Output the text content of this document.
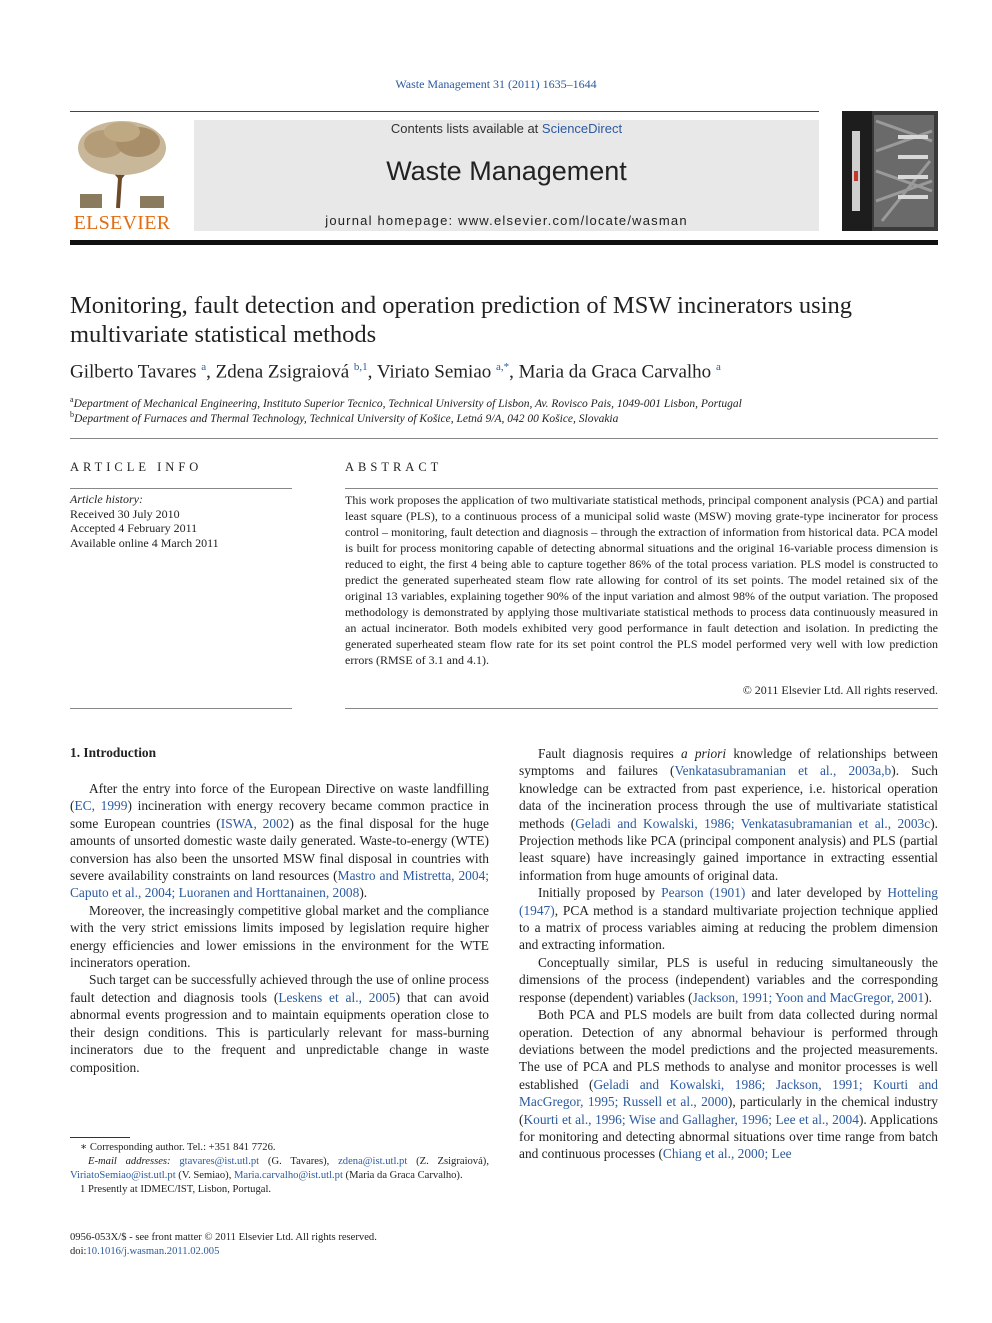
Waste Management 31 (2011) 1635–1644
ELSEVIER
Contents lists available at ScienceDirect
Waste Management
journal homepage: www.elsevier.com/locate/wasman
Monitoring, fault detection and operation prediction of MSW incinerators using multivariate statistical methods
Gilberto Tavares $^a$, Zdena Zsigraiová $^{b,1}$, Viriato Semiao $^{a,*}$, Maria da Graca Carvalho $^a$
$^a$Department of Mechanical Engineering, Instituto Superior Tecnico, Technical University of Lisbon, Av. Rovisco Pais, 1049-001 Lisbon, Portugal
$^b$Department of Furnaces and Thermal Technology, Technical University of Košice, Letná 9/A, 042 00 Košice, Slovakia
ARTICLE INFO
Article history:
Received 30 July 2010
Accepted 4 February 2011
Available online 4 March 2011
ABSTRACT
This work proposes the application of two multivariate statistical methods, principal component analysis (PCA) and partial least square (PLS), to a continuous process of a municipal solid waste (MSW) moving grate-type incinerator for process control – monitoring, fault detection and diagnosis – through the extraction of information from historical data. PCA model is built for process monitoring capable of detecting abnormal situations and the original 16-variable process dimension is reduced to eight, the first 4 being able to capture together 86% of the total process variation. PLS model is constructed to predict the generated superheated steam flow rate allowing for control of its set points. The model retained six of the original 13 variables, explaining together 90% of the input variation and almost 98% of the output variation. The proposed methodology is demonstrated by applying those multivariate statistical methods to process data continuously measured in an actual incinerator. Both models exhibited very good performance in fault detection and isolation. In predicting the generated superheated steam flow rate for its set point control the PLS model performed very well with low prediction errors (RMSE of 3.1 and 4.1).
© 2011 Elsevier Ltd. All rights reserved.
1. Introduction

After the entry into force of the European Directive on waste landfilling (EC, 1999) incineration with energy recovery became common practice in some European countries (ISWA, 2002) as the final disposal for the huge amounts of unsorted domestic waste daily generated. Waste-to-energy (WTE) conversion has also been the unsorted MSW final disposal in countries with severe availability constraints on land resources (Mastro and Mistretta, 2004; Caputo et al., 2004; Luoranen and Horttanainen, 2008).

Moreover, the increasingly competitive global market and the compliance with the very strict emissions limits imposed by legislation require higher energy efficiencies and lower emissions in the environment for the WTE incinerators operation.

Such target can be successfully achieved through the use of online process fault detection and diagnosis tools (Leskens et al., 2005) that can avoid abnormal events progression and to maintain equipments operation close to their design conditions. This is particularly relevant for mass-burning incinerators due to the frequent and unpredictable change in waste composition.

Fault diagnosis requires a priori knowledge of relationships between symptoms and failures (Venkatasubramanian et al., 2003a,b). Such knowledge can be extracted from past experience, i.e. historical operation data of the incineration process through the use of multivariate statistical methods (Geladi and Kowalski, 1986; Venkatasubramanian et al., 2003c). Projection methods like PCA (principal component analysis) and PLS (partial least square) have increasingly gained importance in extracting essential information from huge amounts of original data.

Initially proposed by Pearson (1901) and later developed by Hotteling (1947), PCA method is a standard multivariate projection technique applied to a matrix of process variables aiming at reducing the problem dimension and extracting information.

Conceptually similar, PLS is useful in reducing simultaneously the dimensions of the process (independent) variables and the corresponding response (dependent) variables (Jackson, 1991; Yoon and MacGregor, 2001).

Both PCA and PLS models are built from data collected during normal operation. Detection of any abnormal behaviour is performed through deviations between the model predictions and the projected measurements. The use of PCA and PLS methods to analyse and monitor processes is well established (Geladi and Kowalski, 1986; Jackson, 1991; Kourti and MacGregor, 1995; Russell et al., 2000), particularly in the chemical industry (Kourti et al., 1996; Wise and Gallagher, 1996; Lee et al., 2004). Applications for monitoring and detecting abnormal situations over time range from batch and continuous processes (Chiang et al., 2000; Lee

∗ Corresponding author. Tel.: +351 841 7726.

E-mail addresses: gtavares@ist.utl.pt (G. Tavares), zdena@ist.utl.pt (Z. Zsigraiová), ViriatoSemiao@ist.utl.pt (V. Semiao), Maria.carvalho@ist.utl.pt (Maria da Graca Carvalho).

1 Presently at IDMEC/IST, Lisbon, Portugal.

0956-053X/$ - see front matter © 2011 Elsevier Ltd. All rights reserved.
doi:10.1016/j.wasman.2011.02.005
